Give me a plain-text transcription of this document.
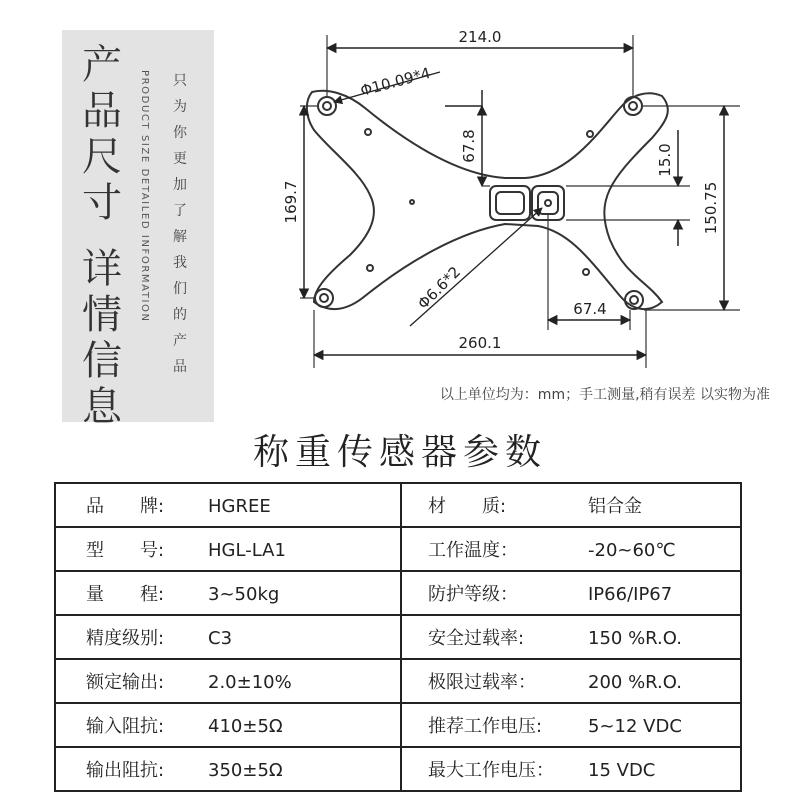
产品尺寸
详情信息
PRODUCT SIZE DETAILED INFORMATION 只为你更加了解我们的产品
214.0
260.1
169.7	150.75
67.8
67.4
15.0
Φ10.09*4
Φ6.6*2
以上单位均为：mm；手工测量,稍有误差 以实物为准
称重传感器参数
品　　牌: HGREE	材　　质: 铝合金
型　　号: HGL-LA1	工作温度： -20~60℃
量　　程: 3~50kg	防护等级： IP66/IP67
精度级别: C3	安全过载率: 150 %R.O.
额定输出: 2.0±10%	极限过载率： 200 %R.O.
输入阻抗: 410±5Ω	推荐工作电压: 5~12 VDC
输出阻抗: 350±5Ω	最大工作电压： 15 VDC
